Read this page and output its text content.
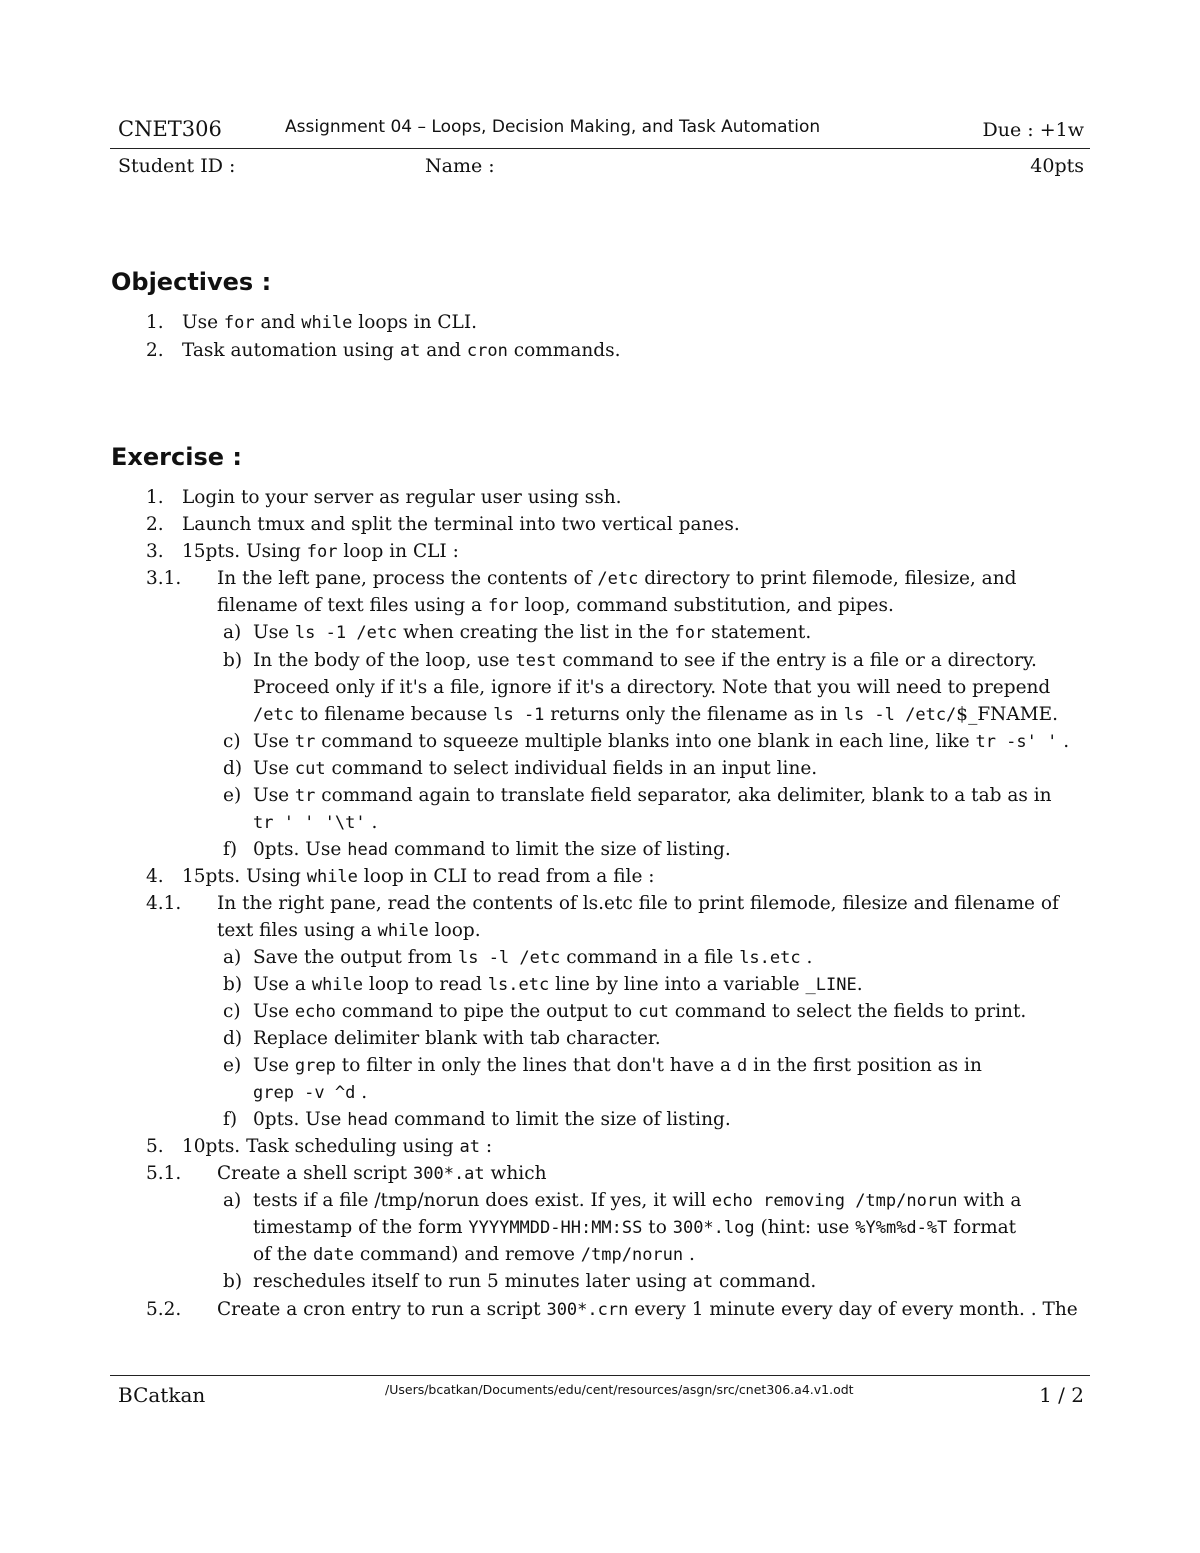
CNET306	Assignment 04 – Loops, Decision Making, and Task Automation	Due : +1w
Student ID :	Name :	40pts
Objectives :
1. Use for and while loops in CLI.
2. Task automation using at and cron commands.
Exercise :
1. Login to your server as regular user using ssh.
2. Launch tmux and split the terminal into two vertical panes.
3. 15pts. Using for loop in CLI :
3.1. In the left pane, process the contents of /etc directory to print filemode, filesize, and
filename of text files using a for loop, command substitution, and pipes.
a) Use ls -1 /etc when creating the list in the for statement.
b) In the body of the loop, use test command to see if the entry is a file or a directory.
Proceed only if it's a file, ignore if it's a directory. Note that you will need to prepend
/etc to filename because ls -1 returns only the filename as in ls -l /etc/$_FNAME.
c) Use tr command to squeeze multiple blanks into one blank in each line, like tr -s' ' .
d) Use cut command to select individual fields in an input line.
e) Use tr command again to translate field separator, aka delimiter, blank to a tab as in
tr ' ' '\t' .
f) 0pts. Use head command to limit the size of listing.
4. 15pts. Using while loop in CLI to read from a file :
4.1. In the right pane, read the contents of ls.etc file to print filemode, filesize and filename of
text files using a while loop.
a) Save the output from ls -l /etc command in a file ls.etc .
b) Use a while loop to read ls.etc line by line into a variable _LINE.
c) Use echo command to pipe the output to cut command to select the fields to print.
d) Replace delimiter blank with tab character.
e) Use grep to filter in only the lines that don't have a d in the first position as in
grep -v ^d .
f) 0pts. Use head command to limit the size of listing.
5. 10pts. Task scheduling using at :
5.1. Create a shell script 300*.at which
a) tests if a file /tmp/norun does exist. If yes, it will echo removing /tmp/norun with a
timestamp of the form YYYYMMDD-HH:MM:SS to 300*.log (hint: use %Y%m%d-%T format
of the date command) and remove /tmp/norun .
b) reschedules itself to run 5 minutes later using at command.
5.2. Create a cron entry to run a script 300*.crn every 1 minute every day of every month. . The
BCatkan	/Users/bcatkan/Documents/edu/cent/resources/asgn/src/cnet306.a4.v1.odt	1 / 2
